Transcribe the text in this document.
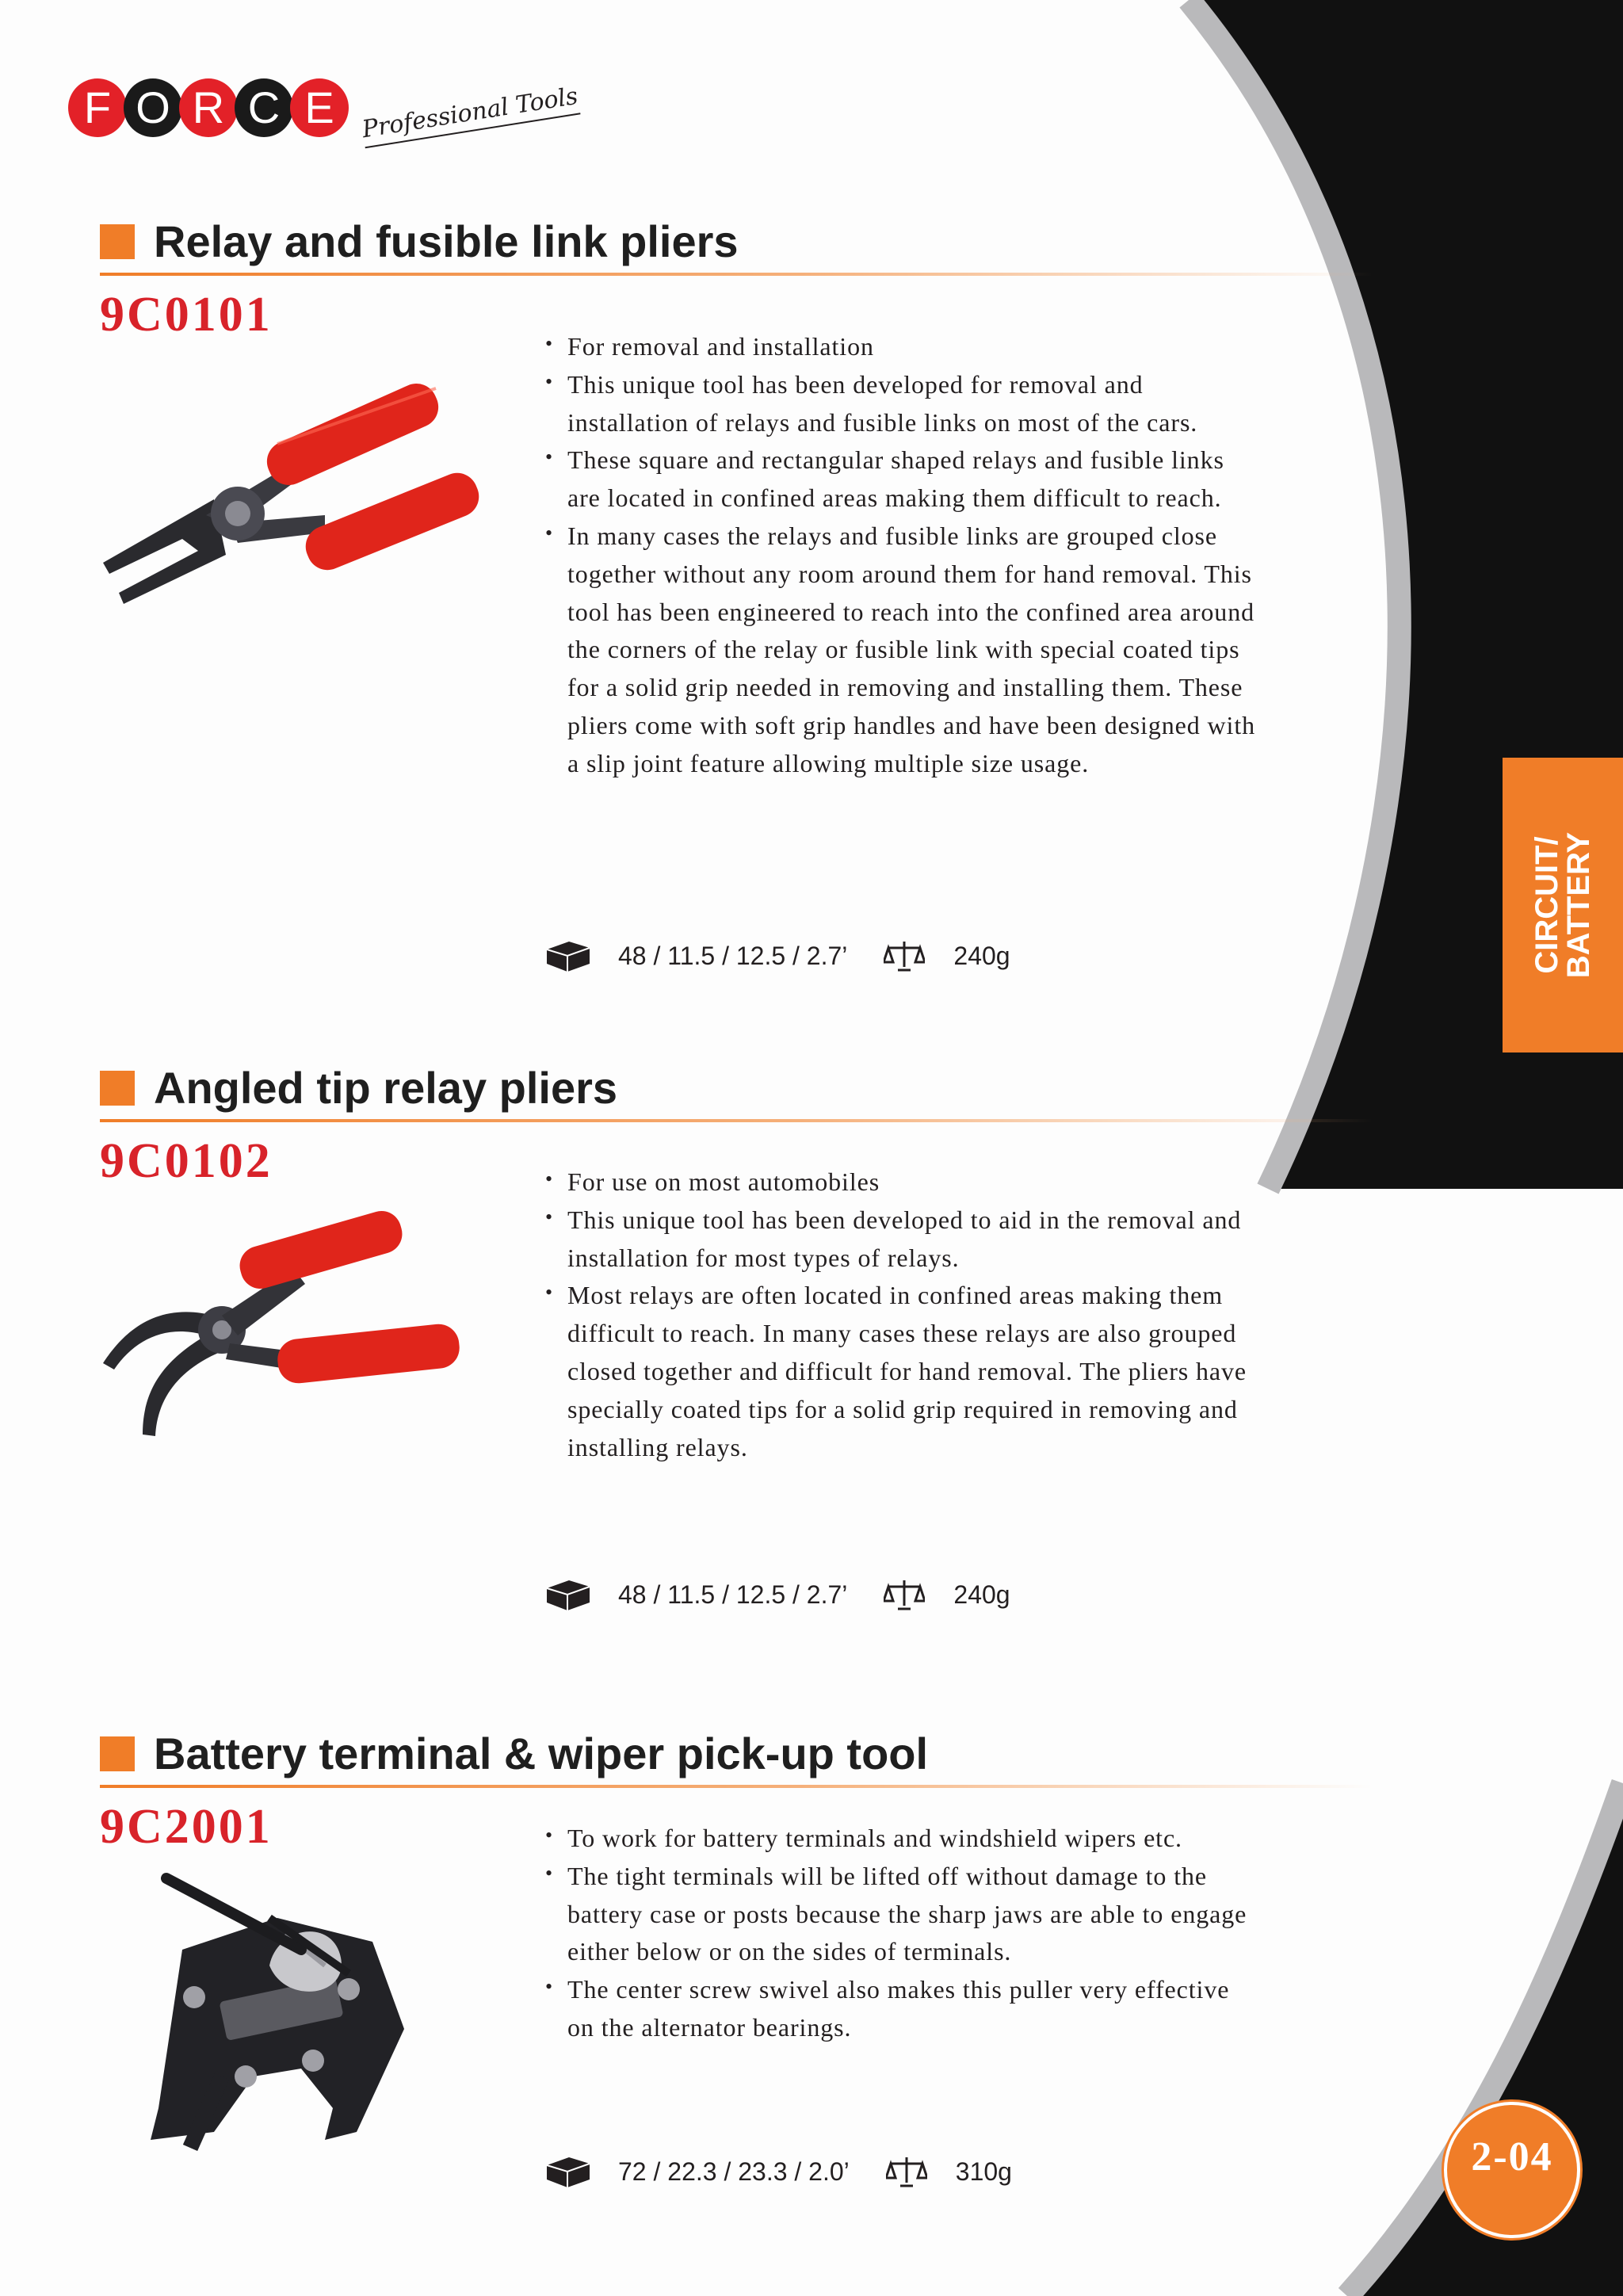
F O R C E	Professional Tools
CIRCUIT/
BATTERY
Relay and fusible link pliers
9C0101
• For removal and installation
• This unique tool has been developed for removal and installation of relays and fusible links on most of the cars.
• These square and rectangular shaped relays and fusible links are located in confined areas making them difficult to reach.
• In many cases the relays and fusible links are grouped close together without any room around them for hand removal. This tool has been engineered to reach into the confined area around the corners of the relay or fusible link with special coated tips for a solid grip needed in removing and installing them. These pliers come with soft grip handles and have been designed with a slip joint feature allowing multiple size usage.
48 / 11.5 / 12.5 / 2.7’	240g
Angled tip relay pliers
9C0102	• For use on most automobiles
• This unique tool has been developed to aid in the removal and installation for most types of relays.
• Most relays are often located in confined areas making them difficult to reach. In many cases these relays are also grouped closed together and difficult for hand removal. The pliers have specially coated tips for a solid grip required in removing and installing relays.
48 / 11.5 / 12.5 / 2.7’	240g
Battery terminal & wiper pick-up tool
9C2001	• To work for battery terminals and windshield wipers etc.
• The tight terminals will be lifted off without damage to the battery case or posts because the sharp jaws are able to engage either below or on the sides of terminals.
• The center screw swivel also makes this puller very effective on the alternator bearings.
72 / 22.3 / 23.3 / 2.0’	310g	2-04
